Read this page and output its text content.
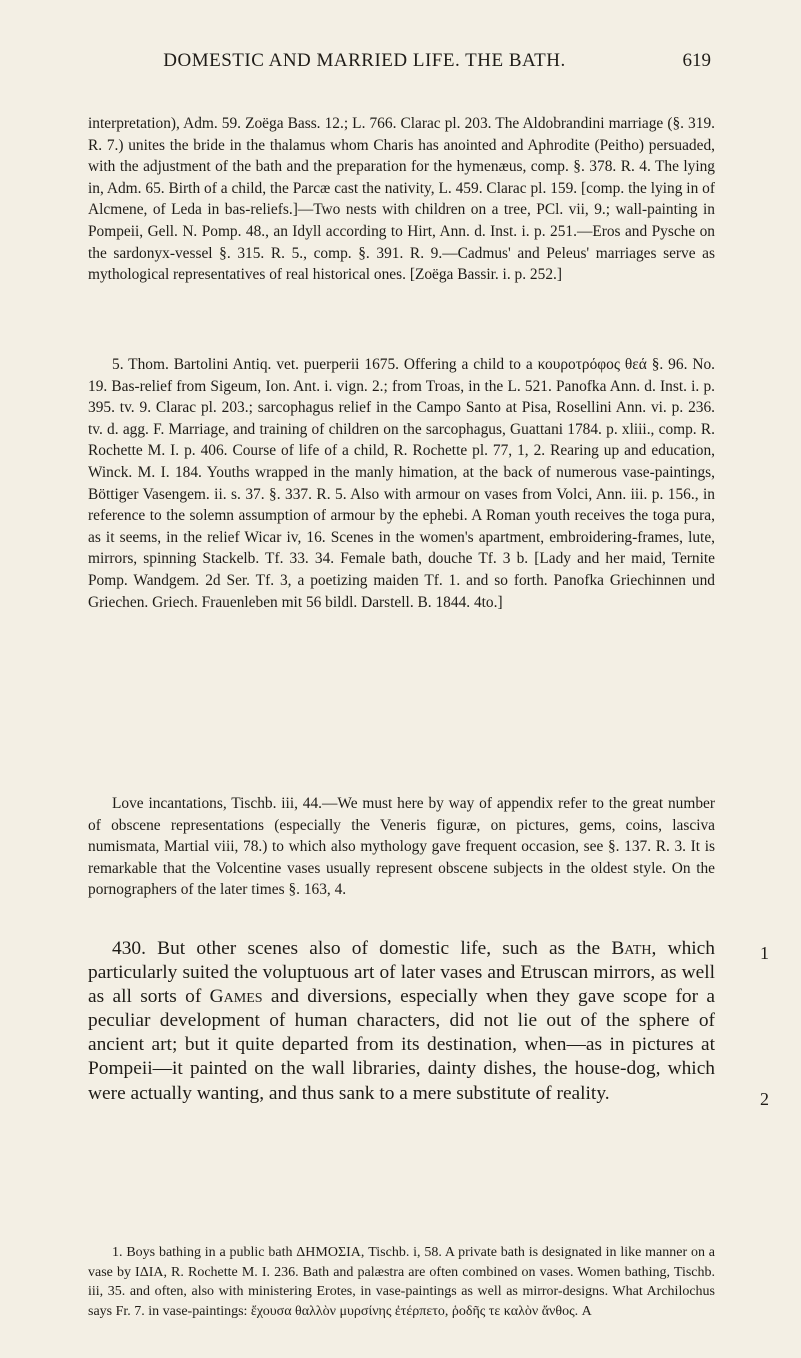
DOMESTIC AND MARRIED LIFE. THE BATH.	619

interpretation), Adm. 59. Zoëga Bass. 12.; L. 766. Clarac pl. 203. The Aldobrandini marriage (§. 319. R. 7.) unites the bride in the thalamus whom Charis has anointed and Aphrodite (Peitho) persuaded, with the adjustment of the bath and the preparation for the hymenæus, comp. §. 378. R. 4. The lying in, Adm. 65. Birth of a child, the Parcæ cast the nativity, L. 459. Clarac pl. 159. [comp. the lying in of Alcmene, of Leda in bas-reliefs.]—Two nests with children on a tree, PCl. vii, 9.; wall-painting in Pompeii, Gell. N. Pomp. 48., an Idyll according to Hirt, Ann. d. Inst. i. p. 251.—Eros and Pysche on the sardonyx-vessel §. 315. R. 5., comp. §. 391. R. 9.—Cadmus' and Peleus' marriages serve as mythological representatives of real historical ones. [Zoëga Bassir. i. p. 252.]

5. Thom. Bartolini Antiq. vet. puerperii 1675. Offering a child to a κουροτρόφος θεά §. 96. No. 19. Bas-relief from Sigeum, Ion. Ant. i. vign. 2.; from Troas, in the L. 521. Panofka Ann. d. Inst. i. p. 395. tv. 9. Clarac pl. 203.; sarcophagus relief in the Campo Santo at Pisa, Rosellini Ann. vi. p. 236. tv. d. agg. F. Marriage, and training of children on the sarcophagus, Guattani 1784. p. xliii., comp. R. Rochette M. I. p. 406. Course of life of a child, R. Rochette pl. 77, 1, 2. Rearing up and education, Winck. M. I. 184. Youths wrapped in the manly himation, at the back of numerous vase-paintings, Böttiger Vasengem. ii. s. 37. §. 337. R. 5. Also with armour on vases from Volci, Ann. iii. p. 156., in reference to the solemn assumption of armour by the ephebi. A Roman youth receives the toga pura, as it seems, in the relief Wicar iv, 16. Scenes in the women's apartment, embroidering-frames, lute, mirrors, spinning Stackelb. Tf. 33. 34. Female bath, douche Tf. 3 b. [Lady and her maid, Ternite Pomp. Wandgem. 2d Ser. Tf. 3, a poetizing maiden Tf. 1. and so forth. Panofka Griechinnen und Griechen. Griech. Frauenleben mit 56 bildl. Darstell. B. 1844. 4to.]

Love incantations, Tischb. iii, 44.—We must here by way of appendix refer to the great number of obscene representations (especially the Veneris figuræ, on pictures, gems, coins, lasciva numismata, Martial viii, 78.) to which also mythology gave frequent occasion, see §. 137. R. 3. It is remarkable that the Volcentine vases usually represent obscene subjects in the oldest style. On the pornographers of the later times §. 163, 4.

430. But other scenes also of domestic life, such as the Bath, which particularly suited the voluptuous art of later vases and Etruscan mirrors, as well as all sorts of Games and diversions, especially when they gave scope for a peculiar development of human characters, did not lie out of the sphere of ancient art; but it quite departed from its destination, when—as in pictures at Pompeii—it painted on the wall libraries, dainty dishes, the house-dog, which were actually wanting, and thus sank to a mere substitute of reality.

1
2

1. Boys bathing in a public bath ΔΗΜΟΣΙΑ, Tischb. i, 58. A private bath is designated in like manner on a vase by ΙΔΙΑ, R. Rochette M. I. 236. Bath and palæstra are often combined on vases. Women bathing, Tischb. iii, 35. and often, also with ministering Erotes, in vase-paintings as well as mirror-designs. What Archilochus says Fr. 7. in vase-paintings: ἔχουσα θαλλὸν μυρσίνης ἐτέρπετο, ῥοδῆς τε καλὸν ἄνθος. A
